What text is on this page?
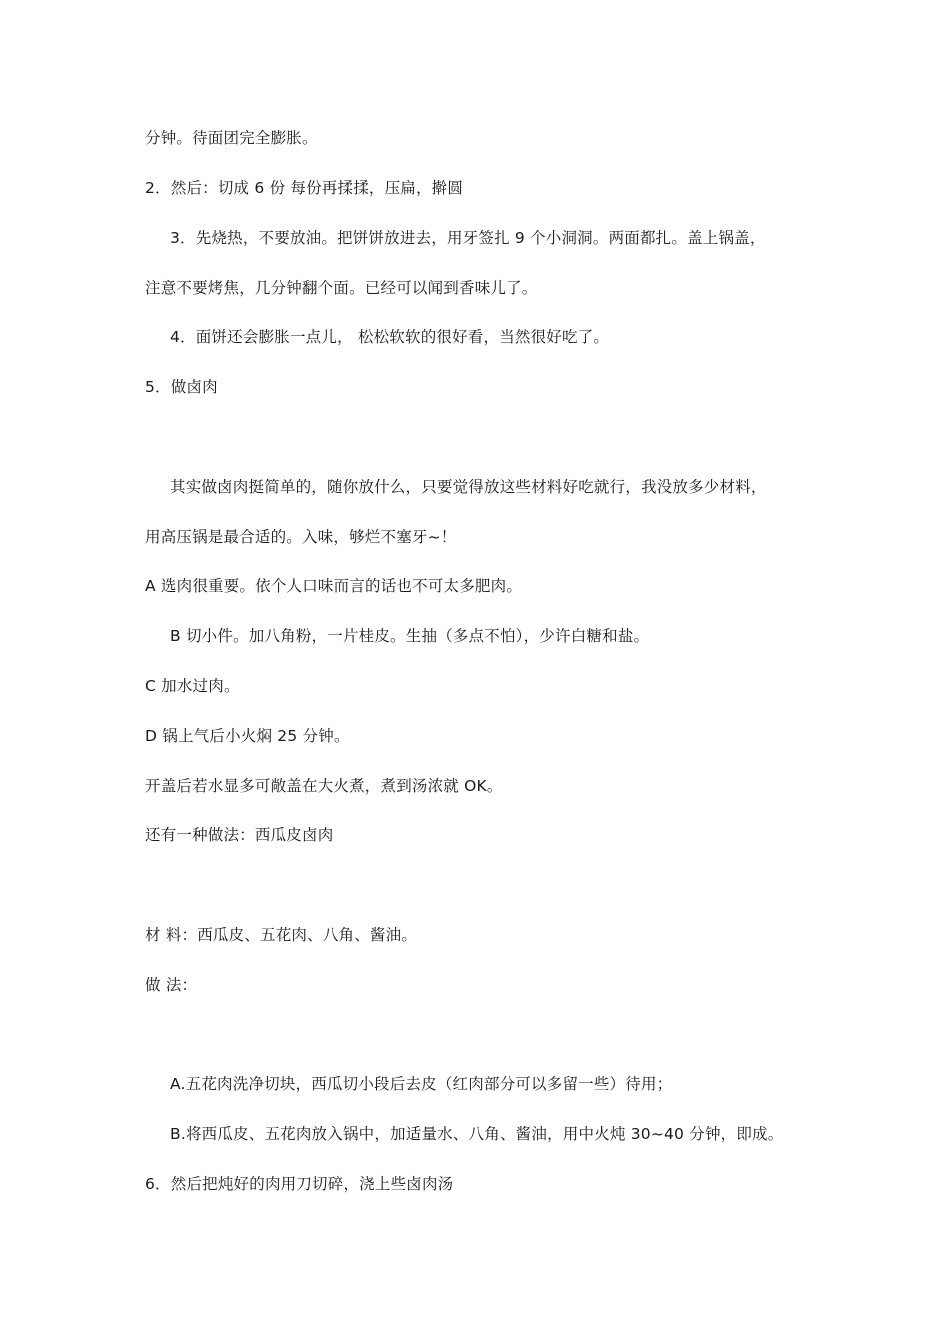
分钟。待面团完全膨胀。
2．然后：切成 6 份 每份再揉揉，压扁，擀圆
3．先烧热，不要放油。把饼饼放进去，用牙签扎 9 个小洞洞。两面都扎。盖上锅盖，
注意不要烤焦，几分钟翻个面。已经可以闻到香味儿了。
4．面饼还会膨胀一点儿， 松松软软的很好看，当然很好吃了。
5．做卤肉
其实做卤肉挺简单的，随你放什么，只要觉得放这些材料好吃就行，我没放多少材料，
用高压锅是最合适的。入味，够烂不塞牙~！
A 选肉很重要。依个人口味而言的话也不可太多肥肉。
B 切小件。加八角粉，一片桂皮。生抽（多点不怕），少许白糖和盐。
C 加水过肉。
D 锅上气后小火焖 25 分钟。
开盖后若水显多可敞盖在大火煮，煮到汤浓就 OK。
还有一种做法：西瓜皮卤肉
材 料：西瓜皮、五花肉、八角、酱油。
做 法：
A.五花肉洗净切块，西瓜切小段后去皮（红肉部分可以多留一些）待用；
B.将西瓜皮、五花肉放入锅中，加适量水、八角、酱油，用中火炖 30~40 分钟，即成。
6．然后把炖好的肉用刀切碎，浇上些卤肉汤
